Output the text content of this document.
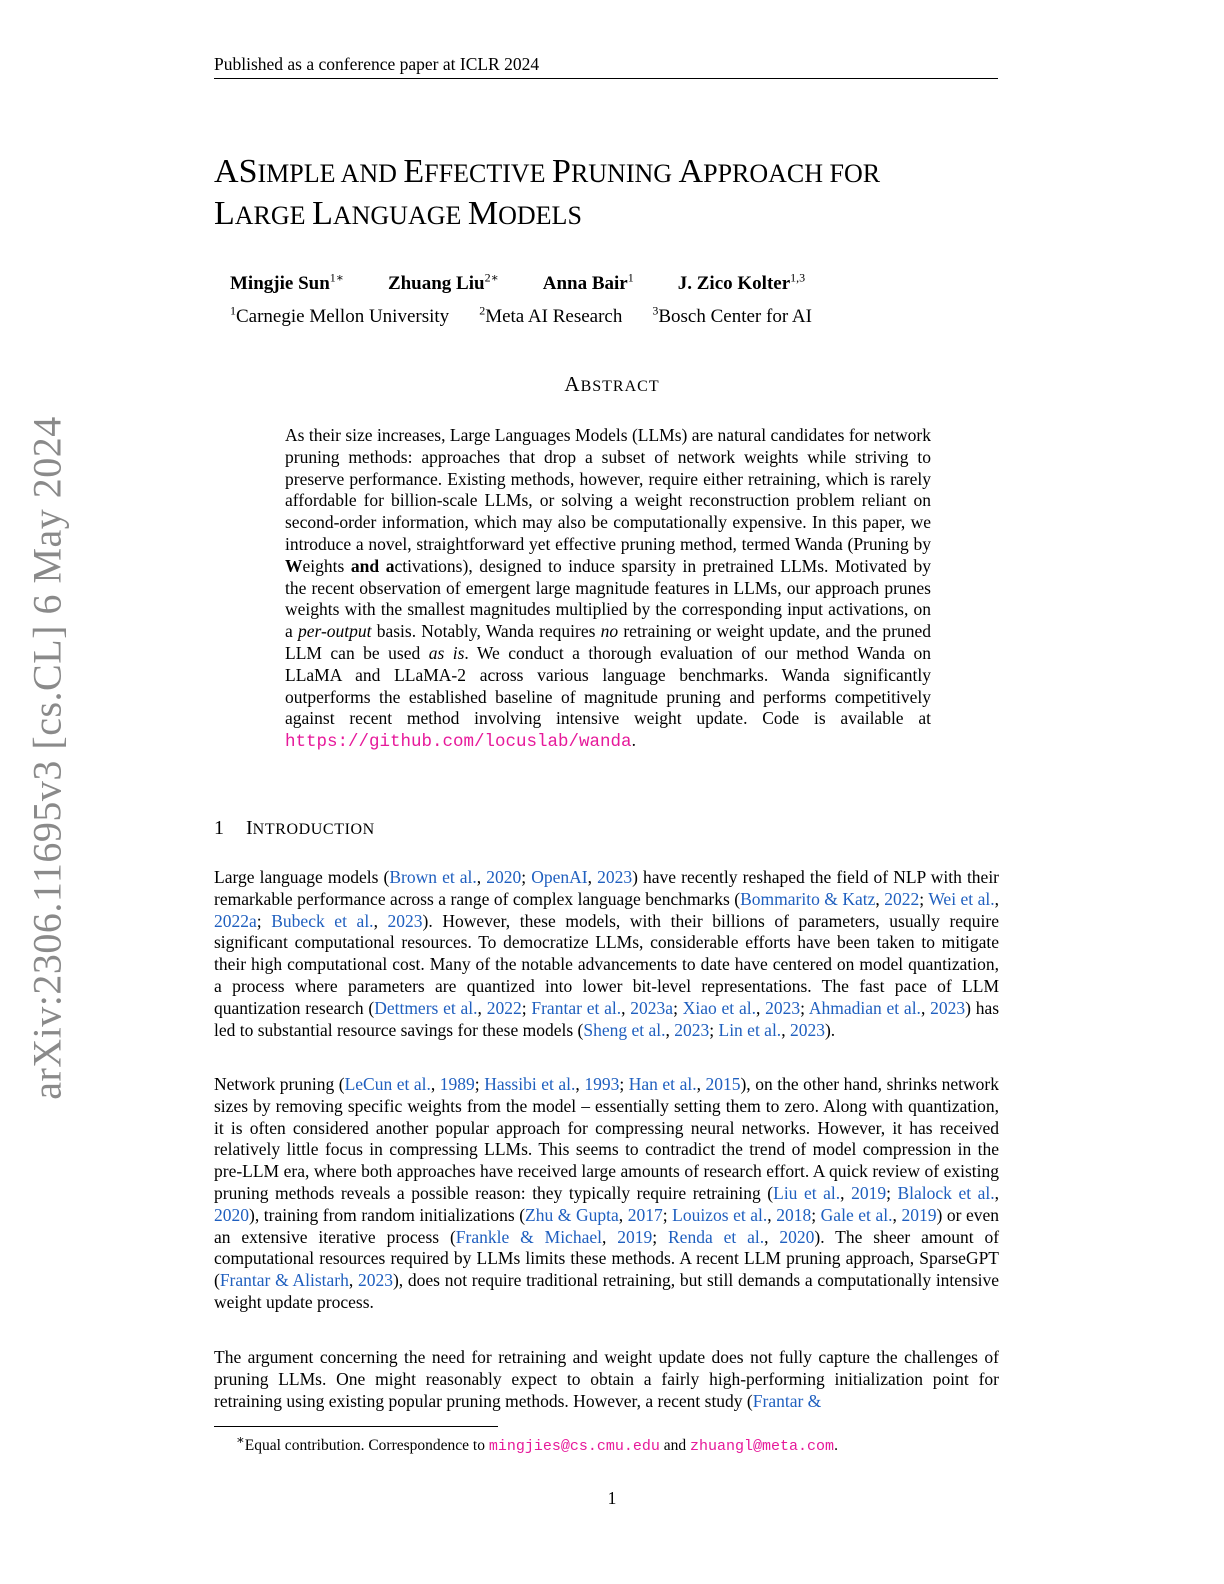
Published as a conference paper at ICLR 2024
arXiv:2306.11695v3 [cs.CL] 6 May 2024
ASIMPLE AND EFFECTIVE PRUNING APPROACH FOR
LARGE LANGUAGE MODELS
Mingjie Sun$^{1∗}$ Zhuang Liu$^{2∗}$ Anna Bair$^1$ J. Zico Kolter$^{1,3}$
$^1$Carnegie Mellon University	$^2$Meta AI Research	$^3$Bosch Center for AI
ABSTRACT
As their size increases, Large Languages Models (LLMs) are natural candidates for network pruning methods: approaches that drop a subset of network weights while striving to preserve performance. Existing methods, however, require either retraining, which is rarely affordable for billion-scale LLMs, or solving a weight reconstruction problem reliant on second-order information, which may also be computationally expensive. In this paper, we introduce a novel, straightforward yet effective pruning method, termed Wanda (Pruning by Weights and activations), designed to induce sparsity in pretrained LLMs. Motivated by the recent observation of emergent large magnitude features in LLMs, our approach prunes weights with the smallest magnitudes multiplied by the corresponding input activations, on a per-output basis. Notably, Wanda requires no retraining or weight update, and the pruned LLM can be used as is. We conduct a thorough evaluation of our method Wanda on LLaMA and LLaMA-2 across various language benchmarks. Wanda significantly outperforms the established baseline of magnitude pruning and performs competitively against recent method involving intensive weight update. Code is available at https://github.com/locuslab/wanda.
1 INTRODUCTION

Large language models (Brown et al., 2020; OpenAI, 2023) have recently reshaped the field of NLP with their remarkable performance across a range of complex language benchmarks (Bommarito & Katz, 2022; Wei et al., 2022a; Bubeck et al., 2023). However, these models, with their billions of parameters, usually require significant computational resources. To democratize LLMs, considerable efforts have been taken to mitigate their high computational cost. Many of the notable advancements to date have centered on model quantization, a process where parameters are quantized into lower bit-level representations. The fast pace of LLM quantization research (Dettmers et al., 2022; Frantar et al., 2023a; Xiao et al., 2023; Ahmadian et al., 2023) has led to substantial resource savings for these models (Sheng et al., 2023; Lin et al., 2023).

Network pruning (LeCun et al., 1989; Hassibi et al., 1993; Han et al., 2015), on the other hand, shrinks network sizes by removing specific weights from the model – essentially setting them to zero. Along with quantization, it is often considered another popular approach for compressing neural networks. However, it has received relatively little focus in compressing LLMs. This seems to contradict the trend of model compression in the pre-LLM era, where both approaches have received large amounts of research effort. A quick review of existing pruning methods reveals a possible reason: they typically require retraining (Liu et al., 2019; Blalock et al., 2020), training from random initializations (Zhu & Gupta, 2017; Louizos et al., 2018; Gale et al., 2019) or even an extensive iterative process (Frankle & Michael, 2019; Renda et al., 2020). The sheer amount of computational resources required by LLMs limits these methods. A recent LLM pruning approach, SparseGPT (Frantar & Alistarh, 2023), does not require traditional retraining, but still demands a computationally intensive weight update process.

The argument concerning the need for retraining and weight update does not fully capture the challenges of pruning LLMs. One might reasonably expect to obtain a fairly high-performing initialization point for retraining using existing popular pruning methods. However, a recent study (Frantar &

∗Equal contribution. Correspondence to mingjies@cs.cmu.edu and zhuangl@meta.com.
1
